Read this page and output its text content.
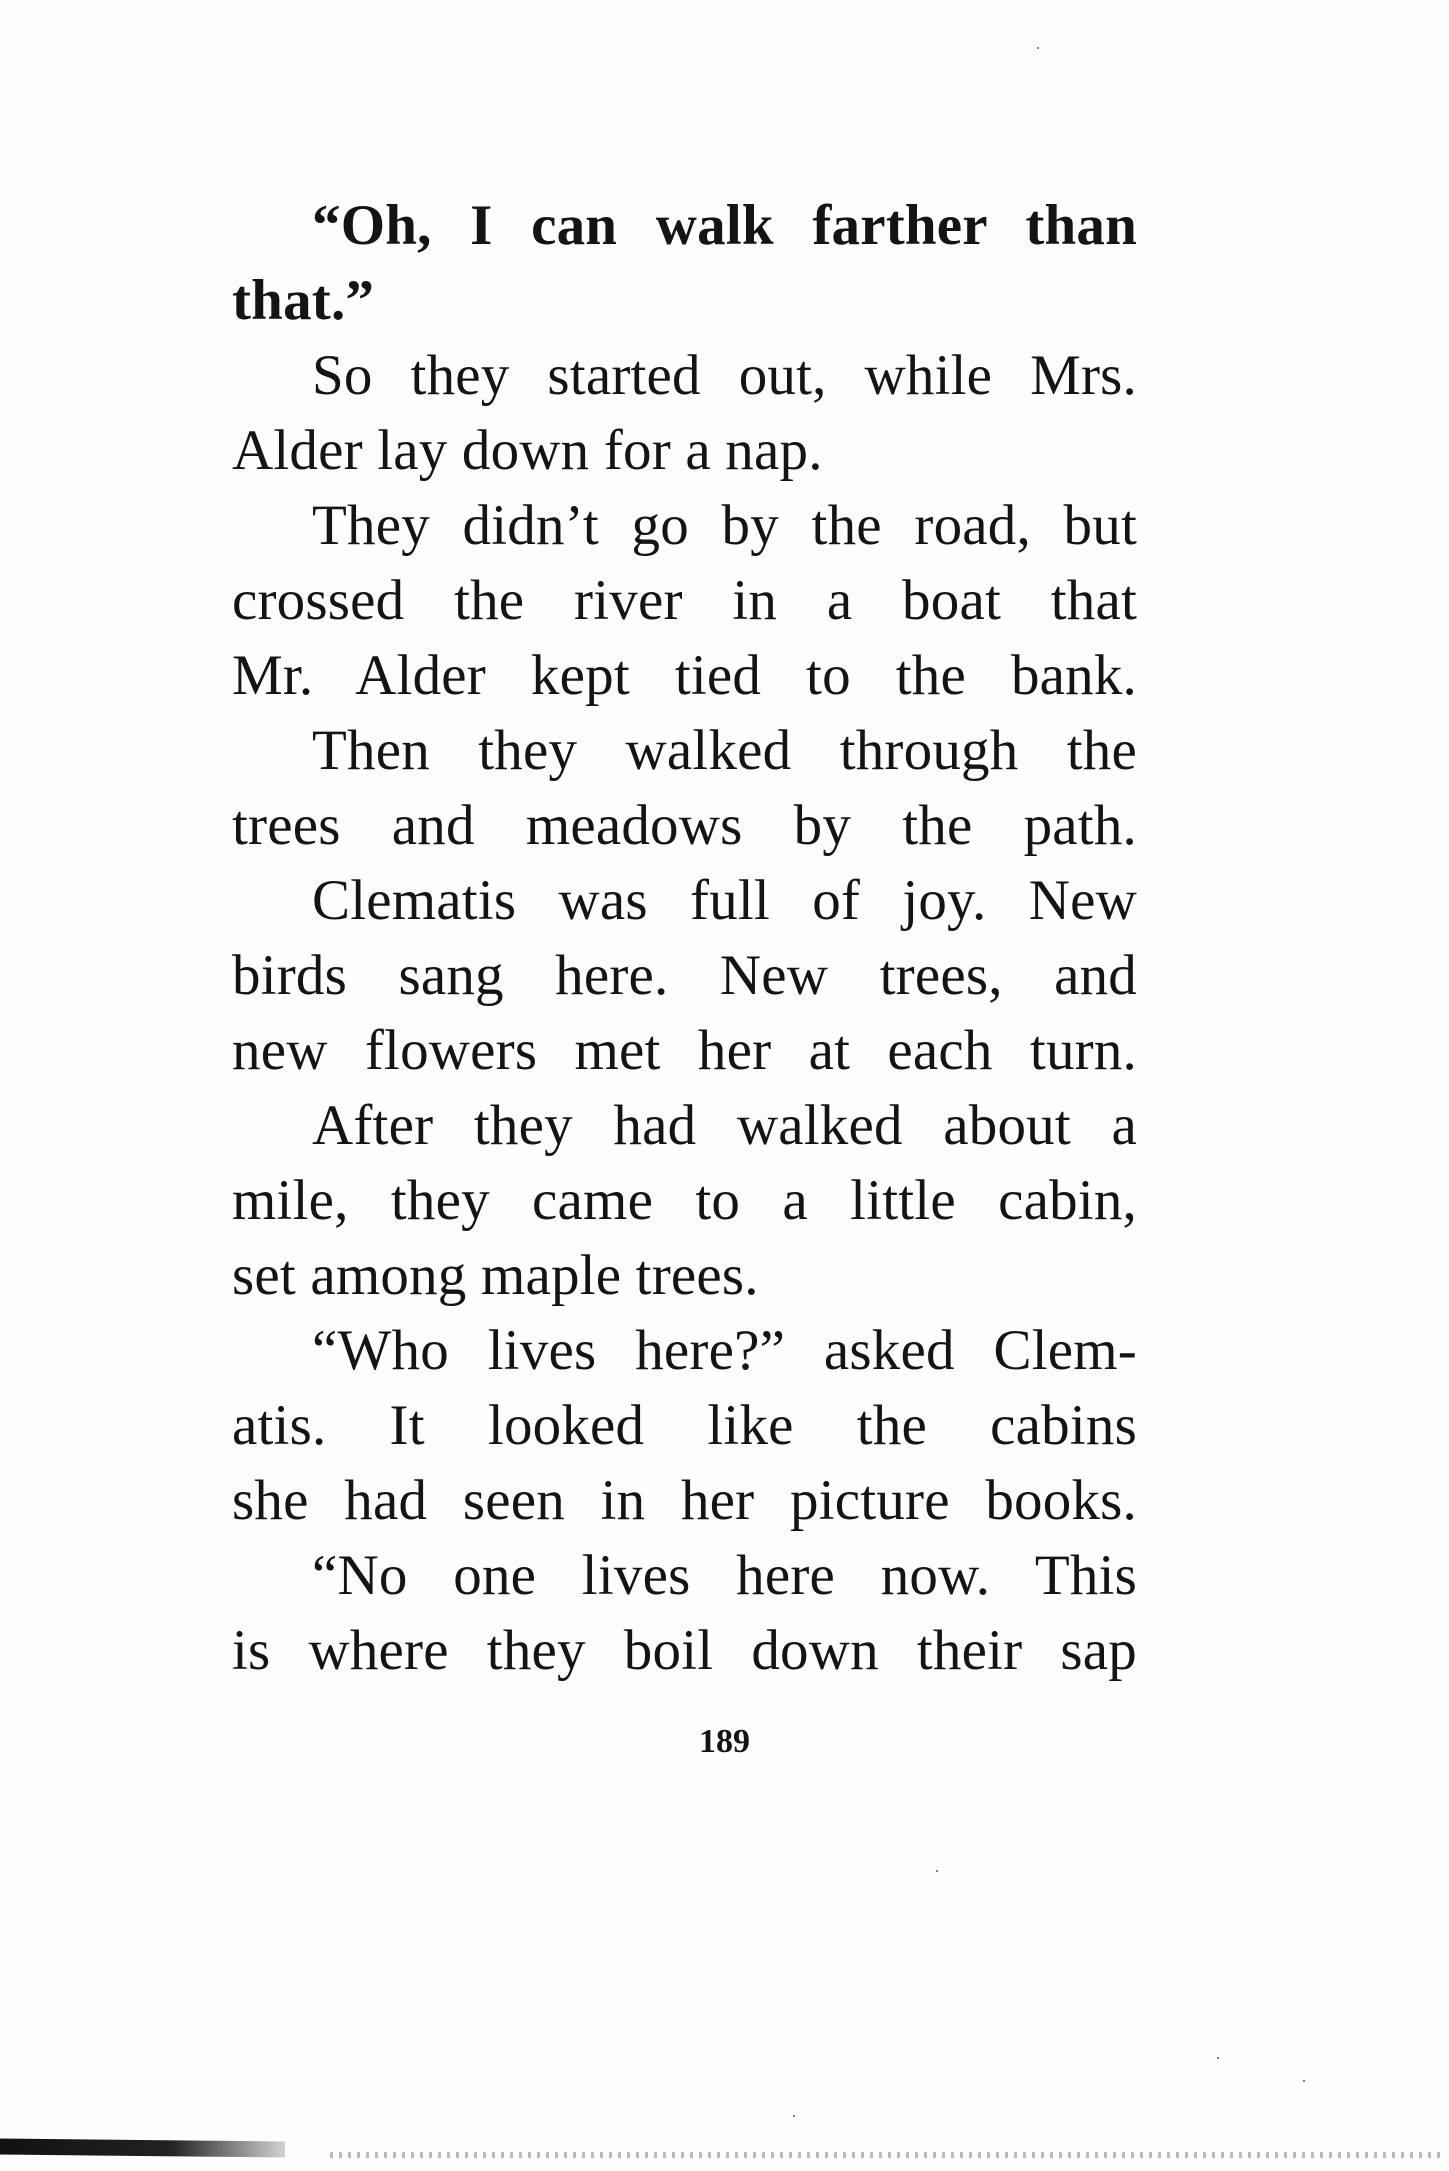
“Oh, I can walk farther than
that.”
So they started out, while Mrs.
Alder lay down for a nap.
They didn’t go by the road, but
crossed the river in a boat that
Mr. Alder kept tied to the bank.
Then they walked through the
trees and meadows by the path.
Clematis was full of joy. New
birds sang here. New trees, and
new flowers met her at each turn.
After they had walked about a
mile, they came to a little cabin,
set among maple trees.
“Who lives here?” asked Clem-
atis. It looked like the cabins
she had seen in her picture books.
“No one lives here now. This
is where they boil down their sap
189
